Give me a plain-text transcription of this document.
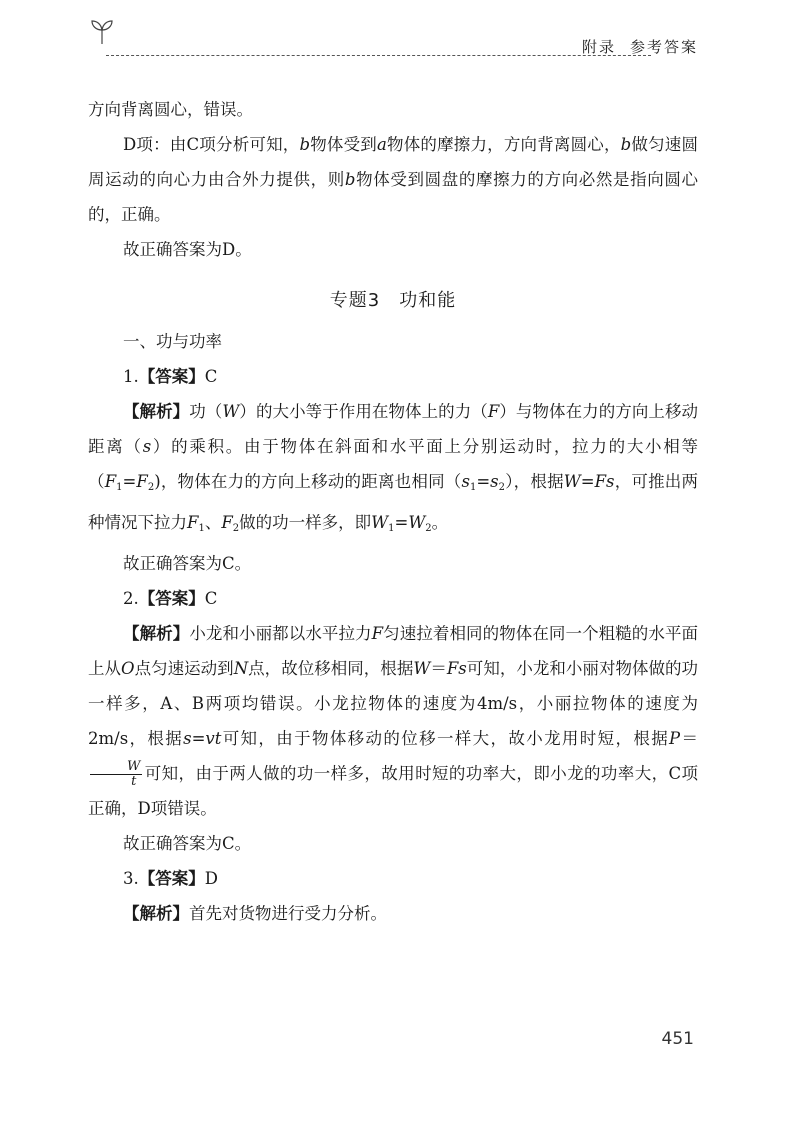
附录 参考答案

方向背离圆心，错误。

D项：由C项分析可知，b物体受到a物体的摩擦力，方向背离圆心，b做匀速圆周运动的向心力由合外力提供，则b物体受到圆盘的摩擦力的方向必然是指向圆心的，正确。

故正确答案为D。

专题3　功和能

一、功与功率

1.【答案】C

【解析】功（W）的大小等于作用在物体上的力（F）与物体在力的方向上移动距离（s）的乘积。由于物体在斜面和水平面上分别运动时，拉力的大小相等$(F_1=F_2)$，物体在力的方向上移动的距离也相同$(s_1=s_2)$，根据W=Fs，可推出两种情况下拉力$F_1$、$F_2$做的功一样多，即$W_1=W_2$。

故正确答案为C。

2.【答案】C

【解析】小龙和小丽都以水平拉力F匀速拉着相同的物体在同一个粗糙的水平面上从O点匀速运动到N点，故位移相同，根据W＝Fs可知，小龙和小丽对物体做的功一样多，A、B两项均错误。小龙拉物体的速度为4m/s，小丽拉物体的速度为2m/s，根据s=vt可知，由于物体移动的位移一样大，故小龙用时短，根据P＝
$\frac{W}{t}$ 可知，由于两人做的功一样多，故用时短的功率大，即小龙的功率大，C项正确，D项错误。

故正确答案为C。

3.【答案】D

【解析】首先对货物进行受力分析。

451
